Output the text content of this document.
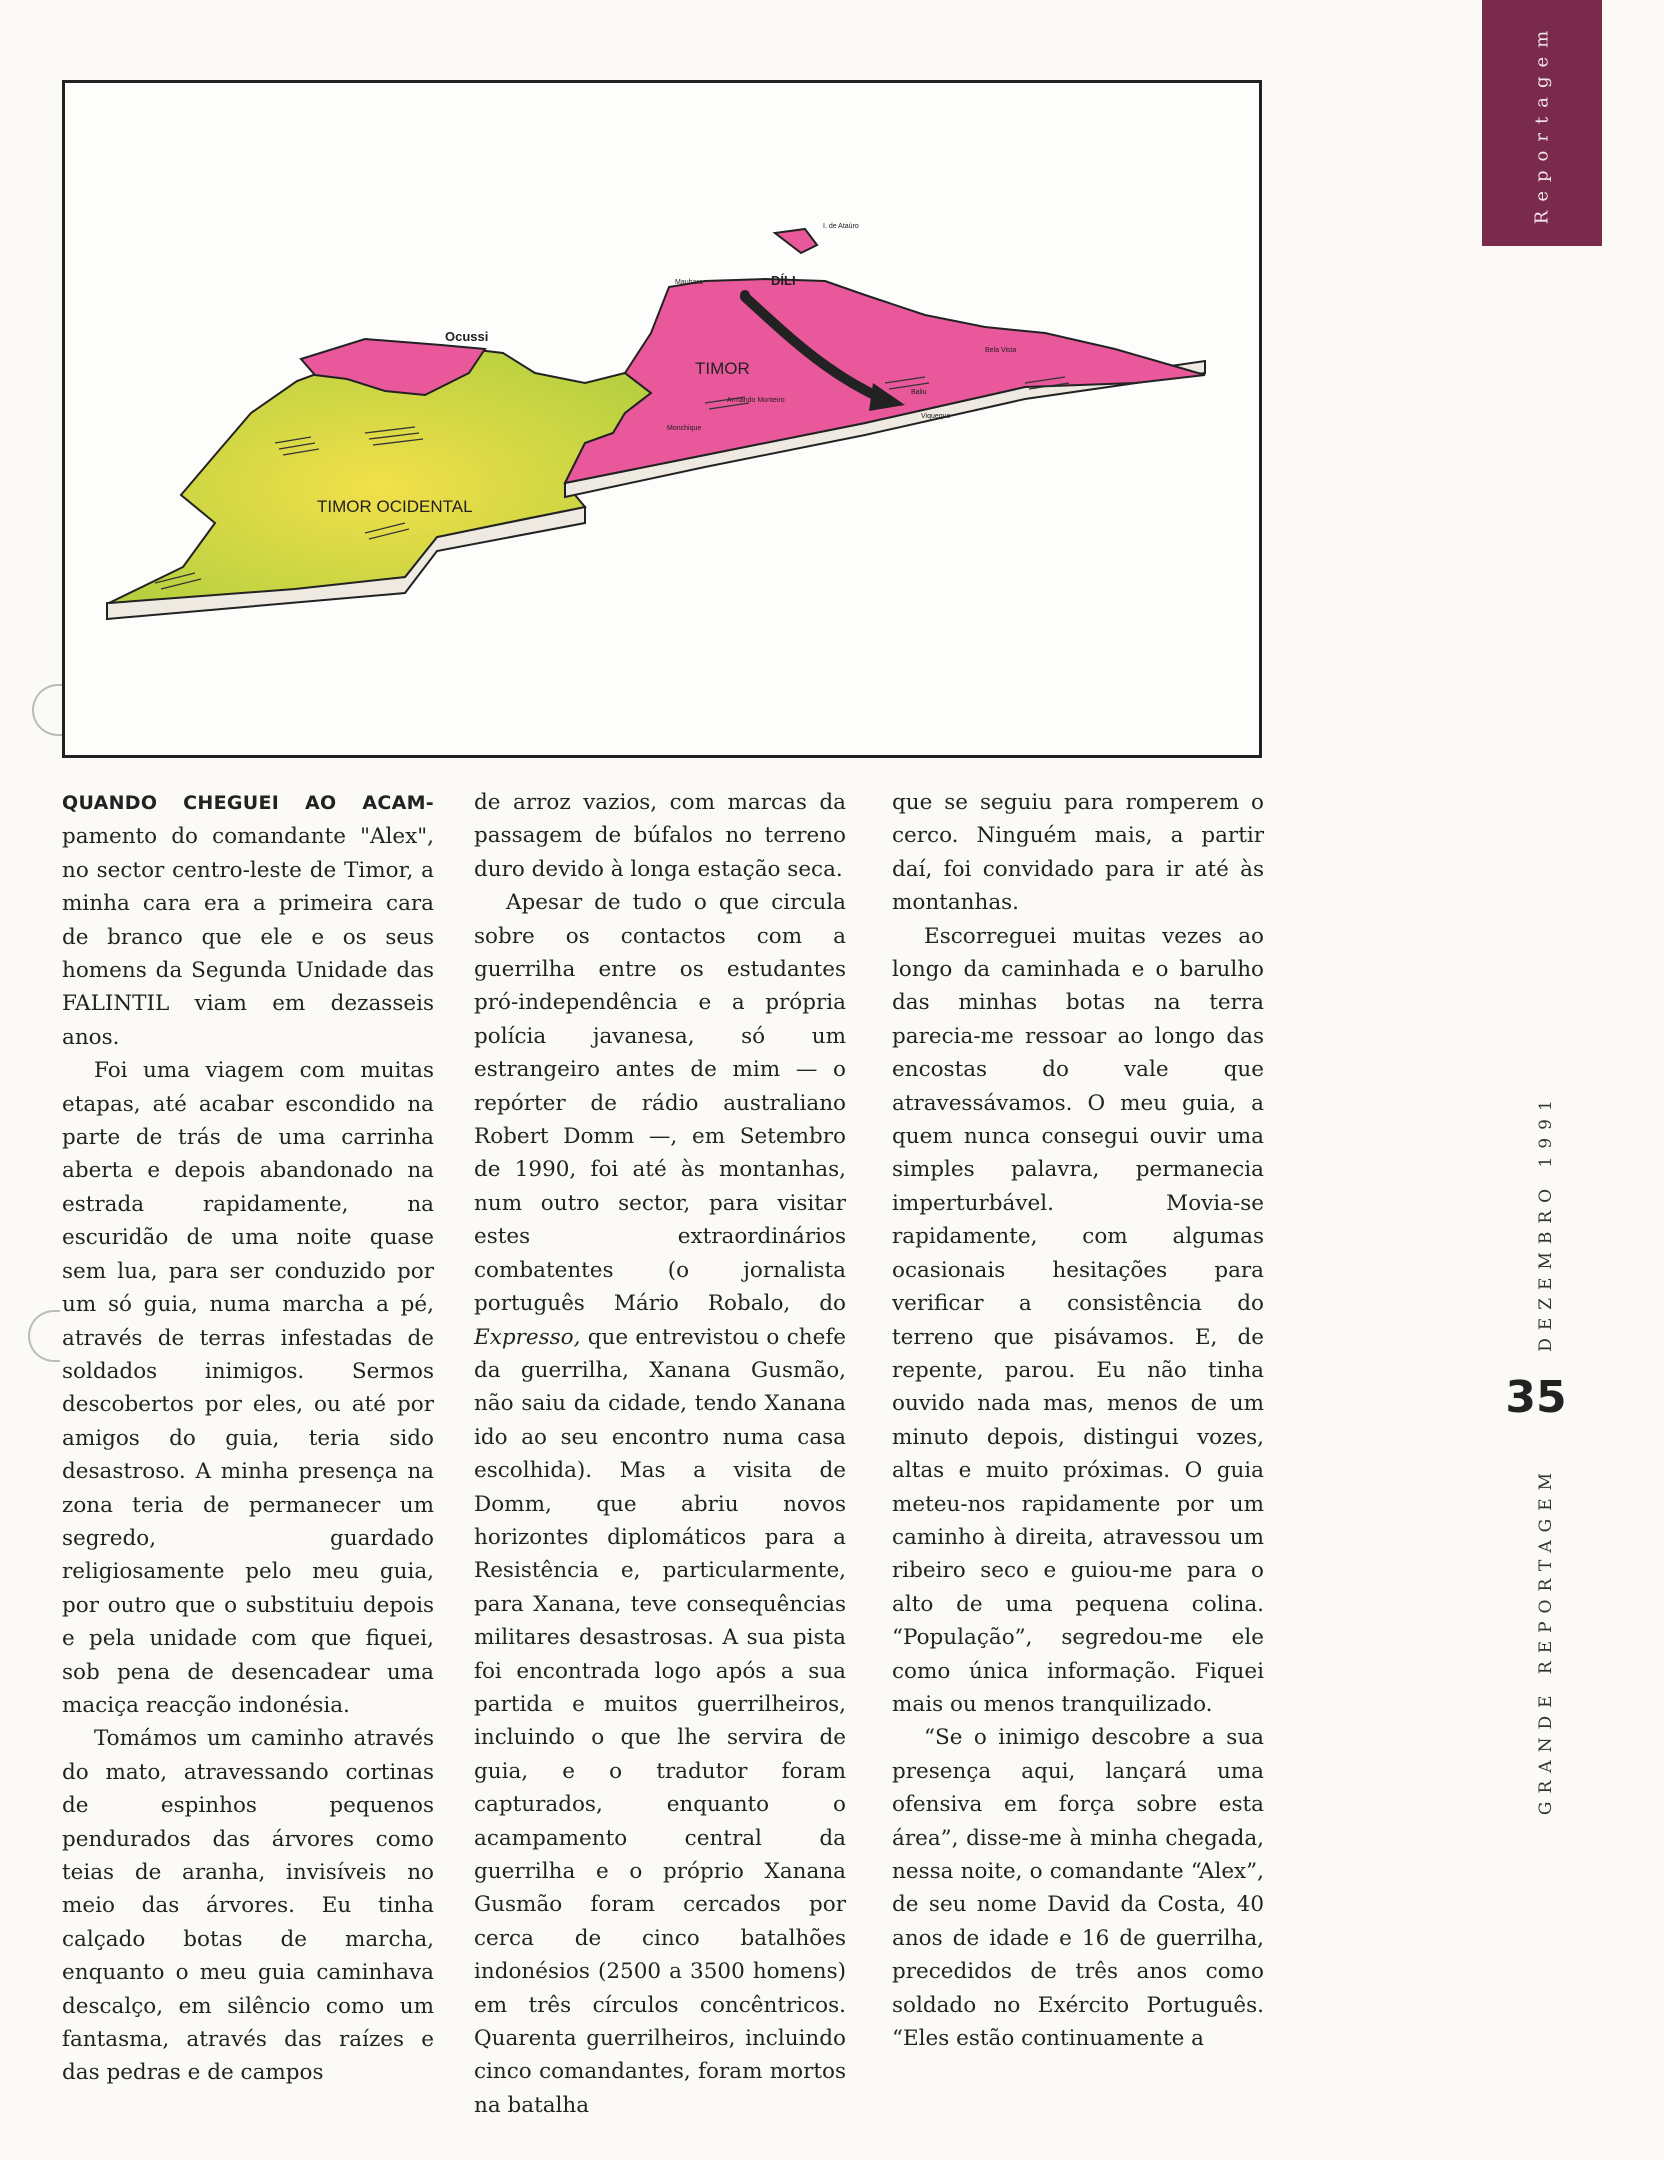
Reportagem
Ocussi
TIMOR OCIDENTAL
TIMOR
DÍLI
I. de Ataúro
Maubara
Bela Vista
Baliu
Viqueque
Armando Monteiro
Monchique

QUANDO CHEGUEI AO ACAM- pamento do comandante "Alex", no sector centro-leste de Timor, a minha cara era a primeira cara de branco que ele e os seus homens da Segunda Unidade das FALINTIL viam em dezasseis anos.

Foi uma viagem com muitas etapas, até acabar escondido na parte de trás de uma carrinha aberta e depois abandonado na estrada rapidamente, na escuridão de uma noite quase sem lua, para ser conduzido por um só guia, numa marcha a pé, através de terras infestadas de soldados inimigos. Sermos descobertos por eles, ou até por amigos do guia, teria sido desastroso. A minha presença na zona teria de permanecer um segredo, guardado religiosamente pelo meu guia, por outro que o substituiu depois e pela unidade com que fiquei, sob pena de desencadear uma maciça reacção indonésia.

Tomámos um caminho através do mato, atravessando cortinas de espinhos pequenos pendurados das árvores como teias de aranha, invisíveis no meio das árvores. Eu tinha calçado botas de marcha, enquanto o meu guia caminhava descalço, em silêncio como um fantasma, através das raízes e das pedras e de campos

de arroz vazios, com marcas da passagem de búfalos no terreno duro devido à longa estação seca.

Apesar de tudo o que circula sobre os contactos com a guerrilha entre os estudantes pró-independência e a própria polícia javanesa, só um estrangeiro antes de mim — o repórter de rádio australiano Robert Domm —, em Setembro de 1990, foi até às montanhas, num outro sector, para visitar estes extraordinários combatentes (o jornalista português Mário Robalo, do Expresso, que entrevistou o chefe da guerrilha, Xanana Gusmão, não saiu da cidade, tendo Xanana ido ao seu encontro numa casa escolhida). Mas a visita de Domm, que abriu novos horizontes diplomáticos para a Resistência e, particularmente, para Xanana, teve consequências militares desastrosas. A sua pista foi encontrada logo após a sua partida e muitos guerrilheiros, incluindo o que lhe servira de guia, e o tradutor foram capturados, enquanto o acampamento central da guerrilha e o próprio Xanana Gusmão foram cercados por cerca de cinco batalhões indonésios (2500 a 3500 homens) em três círculos concêntricos. Quarenta guerrilheiros, incluindo cinco comandantes, foram mortos na batalha

que se seguiu para romperem o cerco. Ninguém mais, a partir daí, foi convidado para ir até às montanhas.

Escorreguei muitas vezes ao longo da caminhada e o barulho das minhas botas na terra parecia-me ressoar ao longo das encostas do vale que atravessávamos. O meu guia, a quem nunca consegui ouvir uma simples palavra, permanecia imperturbável. Movia-se rapidamente, com algumas ocasionais hesitações para verificar a consistência do terreno que pisávamos. E, de repente, parou. Eu não tinha ouvido nada mas, menos de um minuto depois, distingui vozes, altas e muito próximas. O guia meteu-nos rapidamente por um caminho à direita, atravessou um ribeiro seco e guiou-me para o alto de uma pequena colina. “População”, segredou-me ele como única informação. Fiquei mais ou menos tranquilizado.

“Se o inimigo descobre a sua presença aqui, lançará uma ofensiva em força sobre esta área”, disse-me à minha chegada, nessa noite, o comandante “Alex”, de seu nome David da Costa, 40 anos de idade e 16 de guerrilha, precedidos de três anos como soldado no Exército Português. “Eles estão continuamente a

DEZEMBRO 1991
35
GRANDE REPORTAGEM
